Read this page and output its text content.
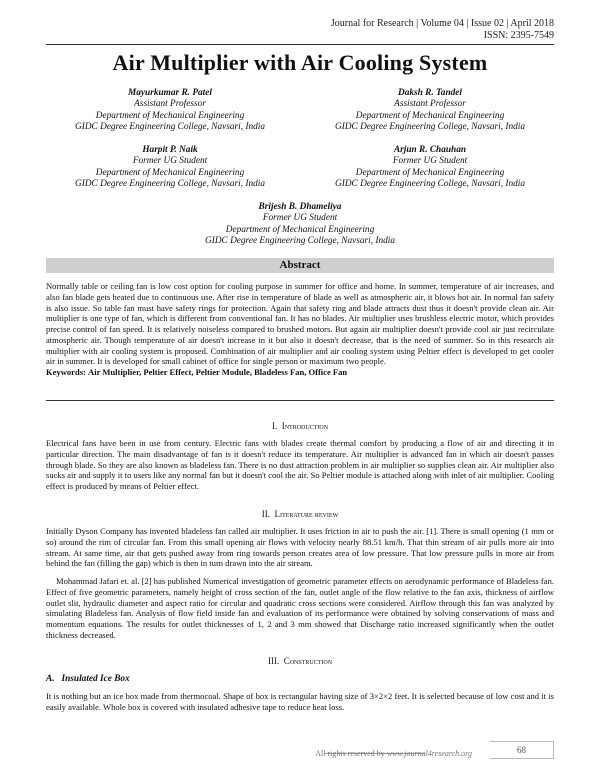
Journal for Research | Volume 04 | Issue 02 | April 2018
ISSN: 2395-7549
Air Multiplier with Air Cooling System
Mayurkumar R. Patel
Assistant Professor
Department of Mechanical Engineering
GIDC Degree Engineering College, Navsari, India
Daksh R. Tandel
Assistant Professor
Department of Mechanical Engineering
GIDC Degree Engineering College, Navsari, India
Harpit P. Naik
Former UG Student
Department of Mechanical Engineering
GIDC Degree Engineering College, Navsari, India
Arjun R. Chauhan
Former UG Student
Department of Mechanical Engineering
GIDC Degree Engineering College, Navsari, India
Brijesh B. Dhameliya
Former UG Student
Department of Mechanical Engineering
GIDC Degree Engineering College, Navsari, India
Abstract
Normally table or ceiling fan is low cost option for cooling purpose in summer for office and home. In summer, temperature of air increases, and also fan blade gets heated due to continuous use. After rise in temperature of blade as well as atmospheric air, it blows hot air. In normal fan safety is also issue. So table fan must have safety rings for protection. Again that safety ring and blade attracts dust thus it doesn't provide clean air. Air multiplier is one type of fan, which is different from conventional fan. It has no blades. Air multiplier uses brushless electric motor, which provides precise control of fan speed. It is relatively noiseless compared to brushed motors. But again air multiplier doesn't provide cool air just recirculate atmospheric air. Though temperature of air doesn't increase in it but also it doesn't decrease, that is the need of summer. So in this research air multiplier with air cooling system is proposed. Combination of air multiplier and air cooling system using Peltier effect is developed to get cooler air in summer. It is developed for small cabinet of office for single person or maximum two people.
Keywords: Air Multiplier, Peltier Effect, Peltier Module, Bladeless Fan, Office Fan
I. Introduction
Electrical fans have been in use from century. Electric fans with blades create thermal comfort by producing a flow of air and directing it in particular direction. The main disadvantage of fan is it doesn't reduce its temperature. Air multiplier is advanced fan in which air doesn't passes through blade. So they are also known as bladeless fan. There is no dust attraction problem in air multiplier so supplies clean air. Air multiplier also sucks air and supply it to users like any normal fan but it doesn't cool the air. So Peltier module is attached along with inlet of air multiplier. Cooling effect is produced by means of Peltier effect.
II. Literature review
Initially Dyson Company has invented bladeless fan called air multiplier. It uses friction in air to push the air. [1]. There is small opening (1 mm or so) around the rim of circular fan. From this small opening air flows with velocity nearly 88.51 km/h. That thin stream of air pulls more air into stream. At same time, air that gets pushed away from ring towards person creates area of low pressure. That low pressure pulls in more air from behind the fan (filling the gap) which is then in turn drawn into the air stream.
Mohammad Jafari et. al. [2] has published Numerical investigation of geometric parameter effects on aerodynamic performance of Bladeless fan. Effect of five geometric parameters, namely height of cross section of the fan, outlet angle of the flow relative to the fan axis, thickness of airflow outlet slit, hydraulic diameter and aspect ratio for circular and quadratic cross sections were considered. Airflow through this fan was analyzed by simulating Bladeless fan. Analysis of flow field inside fan and evaluation of its performance were obtained by solving conservations of mass and momentum equations. The results for outlet thicknesses of 1, 2 and 3 mm showed that Discharge ratio increased significantly when the outlet thickness decreased.
III. Construction
A. Insulated Ice Box
It is nothing but an ice box made from thermocoal. Shape of box is rectangular having size of 3×2×2 feet. It is selected because of low cost and it is easily available. Whole box is covered with insulated adhesive tape to reduce heat loss.
All rights reserved by www.journal4research.org	68
